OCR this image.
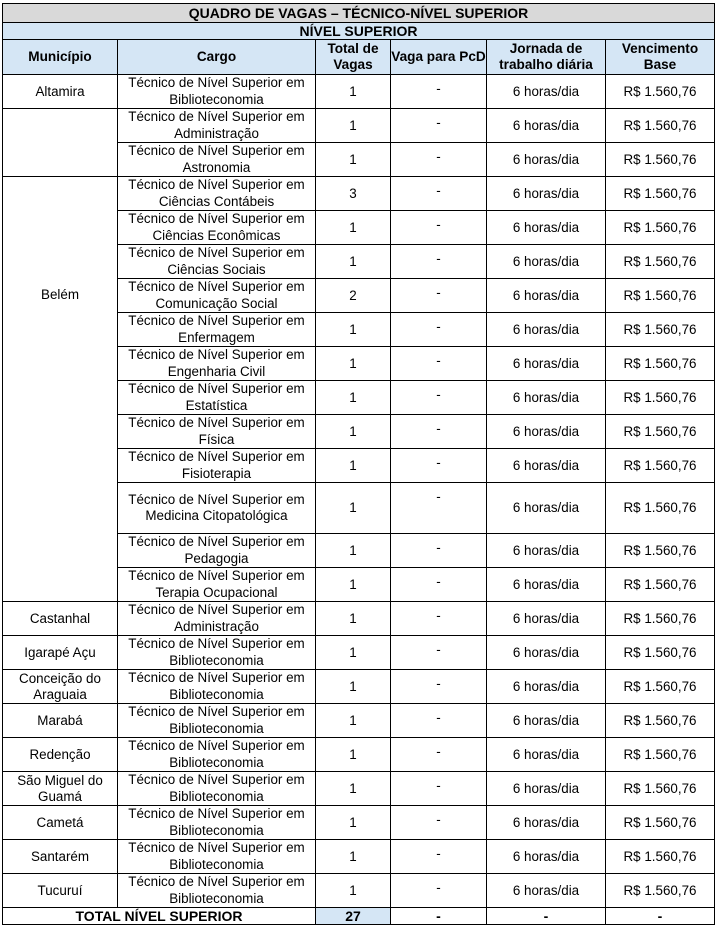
QUADRO DE VAGAS – TÉCNICO-NÍVEL SUPERIOR					
NÍVEL SUPERIOR					
Município	Cargo	Total de Vagas	Vaga para PcD	Jornada de trabalho diária	Vencimento Base
Altamira	Técnico de Nível Superior em Biblioteconomia	1	-	6 horas/dia	R$ 1.560,76
	Técnico de Nível Superior em Administração	1	-	6 horas/dia	R$ 1.560,76
	Técnico de Nível Superior em Astronomia	1	-	6 horas/dia	R$ 1.560,76
Belém	Técnico de Nível Superior em Ciências Contábeis	3	-	6 horas/dia	R$ 1.560,76
	Técnico de Nível Superior em Ciências Econômicas	1	-	6 horas/dia	R$ 1.560,76
	Técnico de Nível Superior em Ciências Sociais	1	-	6 horas/dia	R$ 1.560,76
	Técnico de Nível Superior em Comunicação Social	2	-	6 horas/dia	R$ 1.560,76
	Técnico de Nível Superior em Enfermagem	1	-	6 horas/dia	R$ 1.560,76
	Técnico de Nível Superior em Engenharia Civil	1	-	6 horas/dia	R$ 1.560,76
	Técnico de Nível Superior em Estatística	1	-	6 horas/dia	R$ 1.560,76
	Técnico de Nível Superior em Física	1	-	6 horas/dia	R$ 1.560,76
	Técnico de Nível Superior em Fisioterapia	1	-	6 horas/dia	R$ 1.560,76
	Técnico de Nível Superior em Medicina Citopatológica	1	-	6 horas/dia	R$ 1.560,76
	Técnico de Nível Superior em Pedagogia	1	-	6 horas/dia	R$ 1.560,76
	Técnico de Nível Superior em Terapia Ocupacional	1	-	6 horas/dia	R$ 1.560,76
Castanhal	Técnico de Nível Superior em Administração	1	-	6 horas/dia	R$ 1.560,76
Igarapé Açu	Técnico de Nível Superior em Biblioteconomia	1	-	6 horas/dia	R$ 1.560,76
Conceição do Araguaia	Técnico de Nível Superior em Biblioteconomia	1	-	6 horas/dia	R$ 1.560,76
Marabá	Técnico de Nível Superior em Biblioteconomia	1	-	6 horas/dia	R$ 1.560,76
Redenção	Técnico de Nível Superior em Biblioteconomia	1	-	6 horas/dia	R$ 1.560,76
São Miguel do Guamá	Técnico de Nível Superior em Biblioteconomia	1	-	6 horas/dia	R$ 1.560,76
Cametá	Técnico de Nível Superior em Biblioteconomia	1	-	6 horas/dia	R$ 1.560,76
Santarém	Técnico de Nível Superior em Biblioteconomia	1	-	6 horas/dia	R$ 1.560,76
Tucuruí	Técnico de Nível Superior em Biblioteconomia	1	-	6 horas/dia	R$ 1.560,76
TOTAL NÍVEL SUPERIOR		27	-	-	-
